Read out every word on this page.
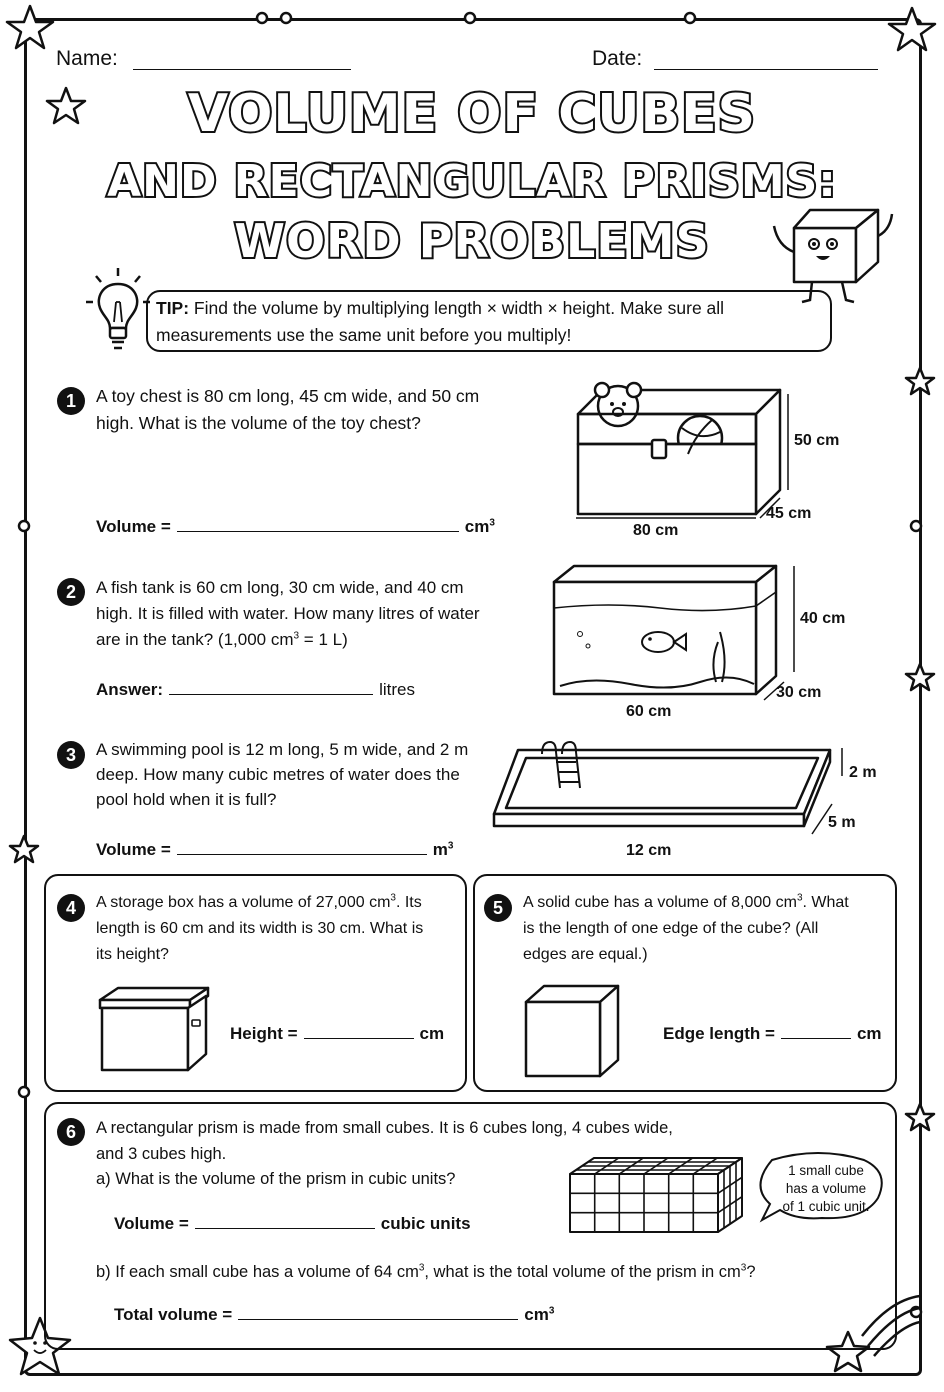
Name:	Date:
VOLUME OF CUBES
AND RECTANGULAR PRISMS:
WORD PROBLEMS
TIP: Find the volume by multiplying length × width × height. Make sure all measurements use the same unit before you multiply!
1	A toy chest is 80 cm long, 45 cm wide, and 50 cm high. What is the volume of the toy chest?
Volume =	$cm^3$
50 cm
45 cm
80 cm
2	A fish tank is 60 cm long, 30 cm wide, and 40 cm high. It is filled with water. How many litres of water are in the tank? (1,000 $cm^3 = 1$ L)
Answer:	litres
40 cm
30 cm
60 cm
3	A swimming pool is 12 m long, 5 m wide, and 2 m deep. How many cubic metres of water does the pool hold when it is full?
Volume =	$m^3$
2 m
5 m
12 cm
4	A storage box has a volume of 27,000 $cm^3$. Its length is 60 cm and its width is 30 cm. What is its height?
Height =	cm
5	A solid cube has a volume of 8,000 $cm^3$. What is the length of one edge of the cube? (All edges are equal.)
Edge length =	cm
6	A rectangular prism is made from small cubes. It is 6 cubes long, 4 cubes wide, and 3 cubes high.
a) What is the volume of the prism in cubic units?
Volume =	cubic units
1 small cube
has a volume
of 1 cubic unit.
b) If each small cube has a volume of 64 $cm^3$, what is the total volume of the prism in $cm^3$?
Total volume =	$cm^3$
